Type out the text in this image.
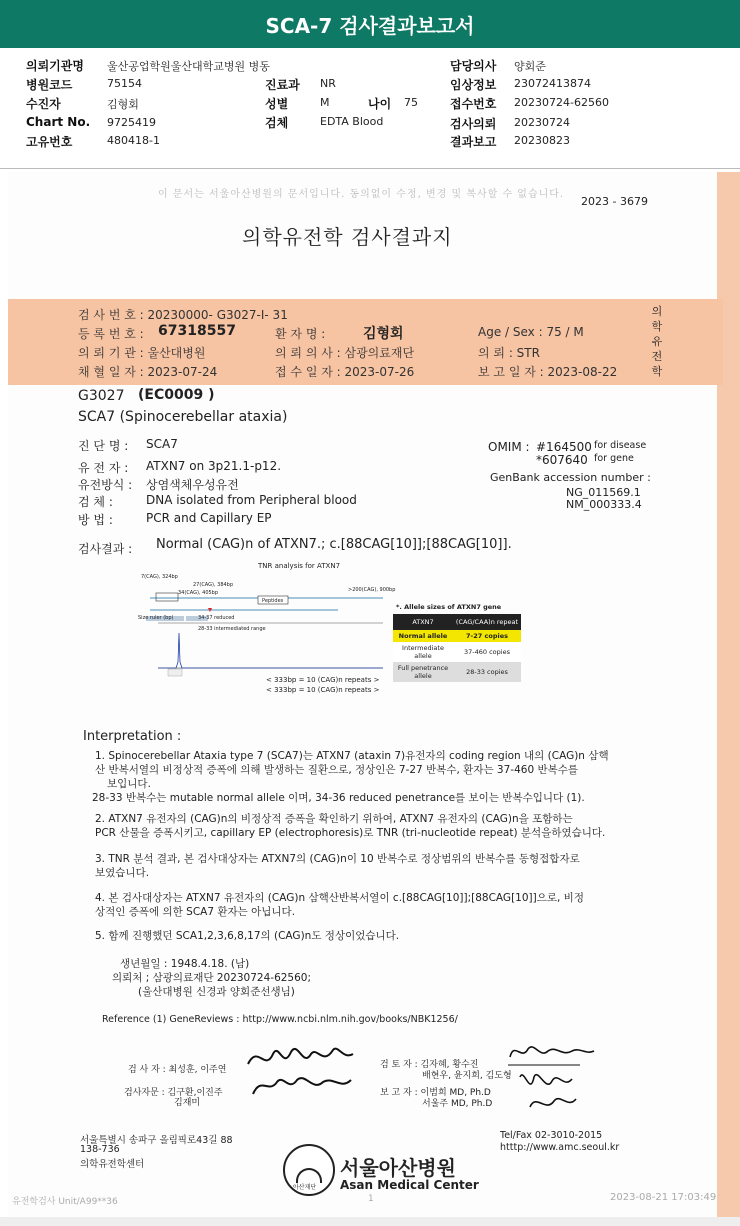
SCA-7 검사결과보고서
의뢰기관명 울산공업학원울산대학교병원 병동
병원코드	75154	진료과 NR
수진자	김형회	성별	M	나이 75
Chart No. 9725419	검체	EDTA Blood
고유번호	480418-1
담당의사 양회준
임상정보 23072413874
접수번호 20230724-62560
검사의뢰 20230724
결과보고 20230823
이 문서는 서울아산병원의 문서입니다. 동의없이 수정, 변경 및 복사할 수 없습니다.
2023 - 3679
의학유전학 검사결과지
검 사 번 호 : 20230000- G3027-I- 31
등 록 번 호 : 67318557	환 자 명 :	김형회	Age / Sex : 75 / M
의 뢰 기 관 : 울산대병원	의 뢰 의 사 : 삼광의료재단	의 뢰 : STR
채 혈 일 자 : 2023-07-24	접 수 일 자 : 2023-07-26	보 고 일 자 : 2023-08-22
의
학
유
전
학
G3027 (EC0009 )
SCA7 (Spinocerebellar ataxia)
진 단 명 : SCA7
유 전 자 : ATXN7 on 3p21.1-p12.
유전방식 : 상염색체우성유전
검 체 :	DNA isolated from Peripheral blood
방 법 :	PCR and Capillary EP
OMIM : #164500 for disease
*607640 for gene
GenBank accession number :
NG_011569.1
NM_000333.4
검사결과 : Normal (CAG)n of ATXN7.; c.[88CAG[10]];[88CAG[10]].
TNR analysis for ATXN7
7(CAG), 324bp
27(CAG), 384bp
34(CAG), 405bp
Peptides
>200(CAG), 900bp
Size ruler (bp)
28-33 intermediated range
34-37 reduced
< 333bp = 10 (CAG)n repeats >
< 333bp = 10 (CAG)n repeats >
*. Allele sizes of ATXN7 gene
ATXN7	(CAG/CAA)n repeat
Normal allele	7-27 copies
Intermediate allele	37-460 copies
Full penetrance allele	28-33 copies
Interpretation :
1. Spinocerebellar Ataxia type 7 (SCA7)는 ATXN7 (ataxin 7)유전자의 coding region 내의 (CAG)n 삼핵
산 반복서열의 비정상적 증폭에 의해 발생하는 질환으로, 정상인은 7-27 반복수, 환자는 37-460 반복수를
보입니다.
28-33 반복수는 mutable normal allele 이며, 34-36 reduced penetrance를 보이는 반복수입니다 (1).
2. ATXN7 유전자의 (CAG)n의 비정상적 증폭을 확인하기 위하여, ATXN7 유전자의 (CAG)n을 포함하는
PCR 산물을 증폭시키고, capillary EP (electrophoresis)로 TNR (tri-nucleotide repeat) 분석을하였습니다.
3. TNR 분석 결과, 본 검사대상자는 ATXN7의 (CAG)n이 10 반복수로 정상범위의 반복수를 동형접합자로
보였습니다.
4. 본 검사대상자는 ATXN7 유전자의 (CAG)n 삼핵산반복서열이 c.[88CAG[10]];[88CAG[10]]으로, 비정
상적인 증폭에 의한 SCA7 환자는 아닙니다.
5. 함께 진행했던 SCA1,2,3,6,8,17의 (CAG)n도 정상이었습니다.
생년월일 : 1948.4.18. (남)
의뢰처 ; 삼광의료재단 20230724-62560;
(울산대병원 신경과 양회준선생님)
Reference (1) GeneReviews : http://www.ncbi.nlm.nih.gov/books/NBK1256/
검 사 자 : 최성훈, 이주연
검사자문 : 김구환,이진주
김재미
검 토 자 : 김자혜, 황수진
배현우, 윤지희, 김도형
보 고 자 : 이범희 MD, Ph.D
서울주 MD, Ph.D
서울특별시 송파구 올림픽로43길 88
138-736
의학유전학센터
Tel/Fax 02-3010-2015
htttp://www.amc.seoul.kr
아산재단
서울아산병원
Asan Medical Center
유전학검사 Unit/A99**36	1	2023-08-21 17:03:49
